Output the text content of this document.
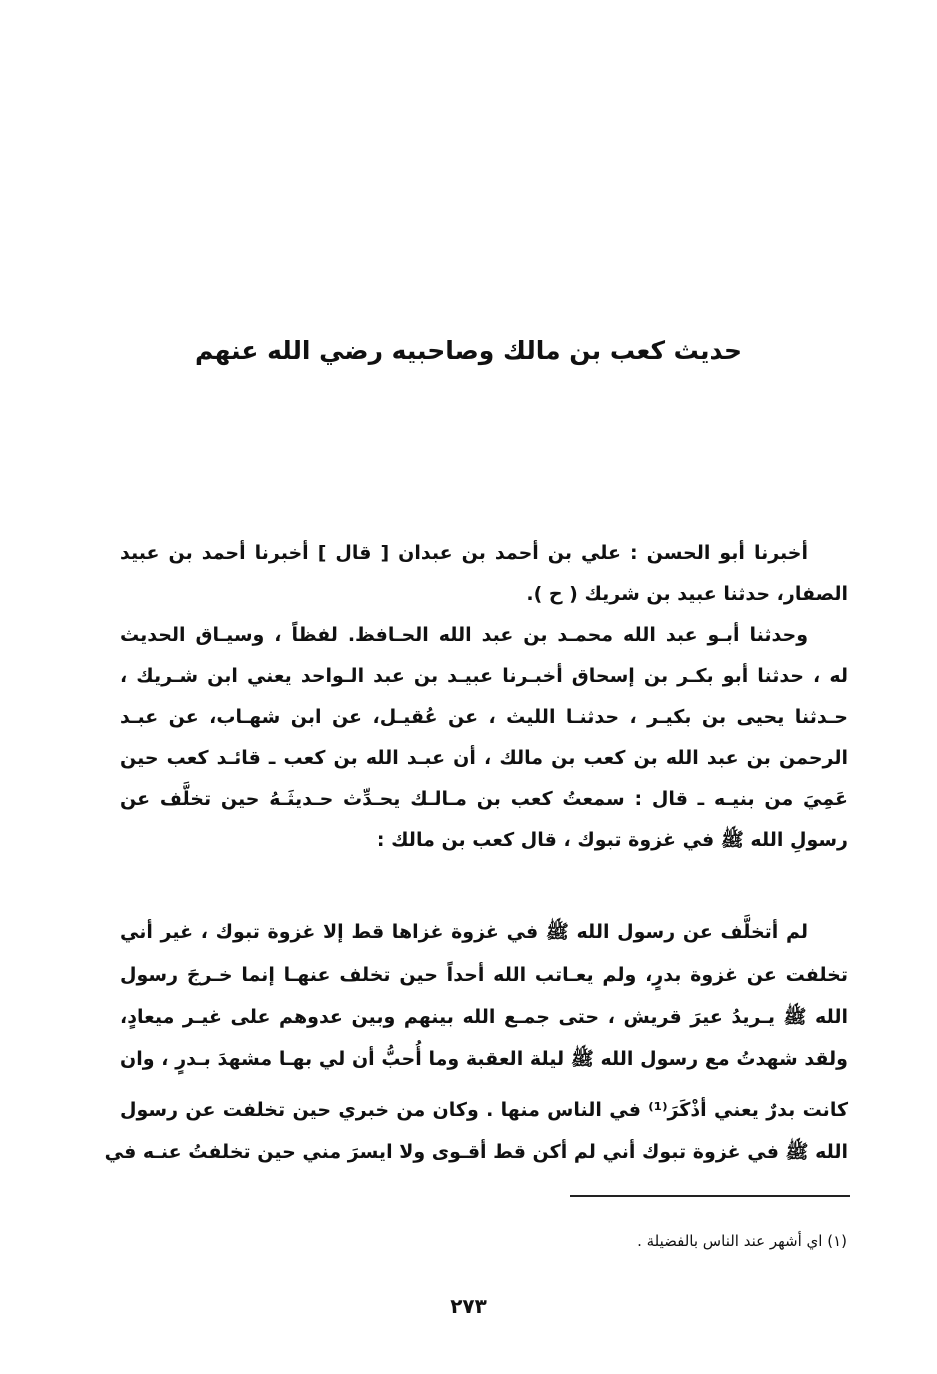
حديث كعب بن مالك وصاحبيه رضي الله عنهم
أخبرنا أبو الحسن : علي بن أحمد بن عبدان [ قال ] أخبرنا أحمد بن عبيد
الصفار، حدثنا عبيد بن شريك ( ح ).
وحدثنا أبـو عبد الله محمـد بن عبد الله الحـافظ. لفظاً ، وسيـاق الحديث
له ، حدثنا أبو بكـر بن إسحاق أخبـرنا عبيـد بن عبد الـواحد يعني ابن شـريك ،
حـدثنا يحيى بن بكيـر ، حدثنـا الليث ، عن عُقيـل، عن ابن شهـاب، عن عبـد
الرحمن بن عبد الله بن كعب بن مالك ، أن عبـد الله بن كعب ـ قائـد كعب حين
عَمِيَ من بنيـه ـ قال : سمعتُ كعب بن مـالـك يحـدِّث حـديثَـهُ حين تخلَّف عن
رسولِ الله ﷺ في غزوة تبوك ، قال كعب بن مالك :
لم أتخلَّف عن رسول الله ﷺ في غزوة غزاها قط إلا غزوة تبوك ، غير أني
تخلفت عن غزوة بدرٍ، ولم يعـاتب الله أحداً حين تخلف عنهـا إنما خـرجَ رسول
الله ﷺ يـريدُ عيرَ قريش ، حتى جمـع الله بينهم وبين عدوهم على غيـر ميعادٍ،
ولقد شهدتُ مع رسول الله ﷺ ليلة العقبة وما أُحبُّ أن لي بهـا مشهدَ بـدرٍ ، وان
كانت بدرٌ يعني أذْكَرَ⁽¹⁾ في الناس منها . وكان من خبري حين تخلفت عن رسول
الله ﷺ في غزوة تبوك أني لم أكن قط أقـوى ولا ايسرَ مني حين تخلفتُ عنـه في
(١) اي أشهر عند الناس بالفضيلة .
٢٧٣
